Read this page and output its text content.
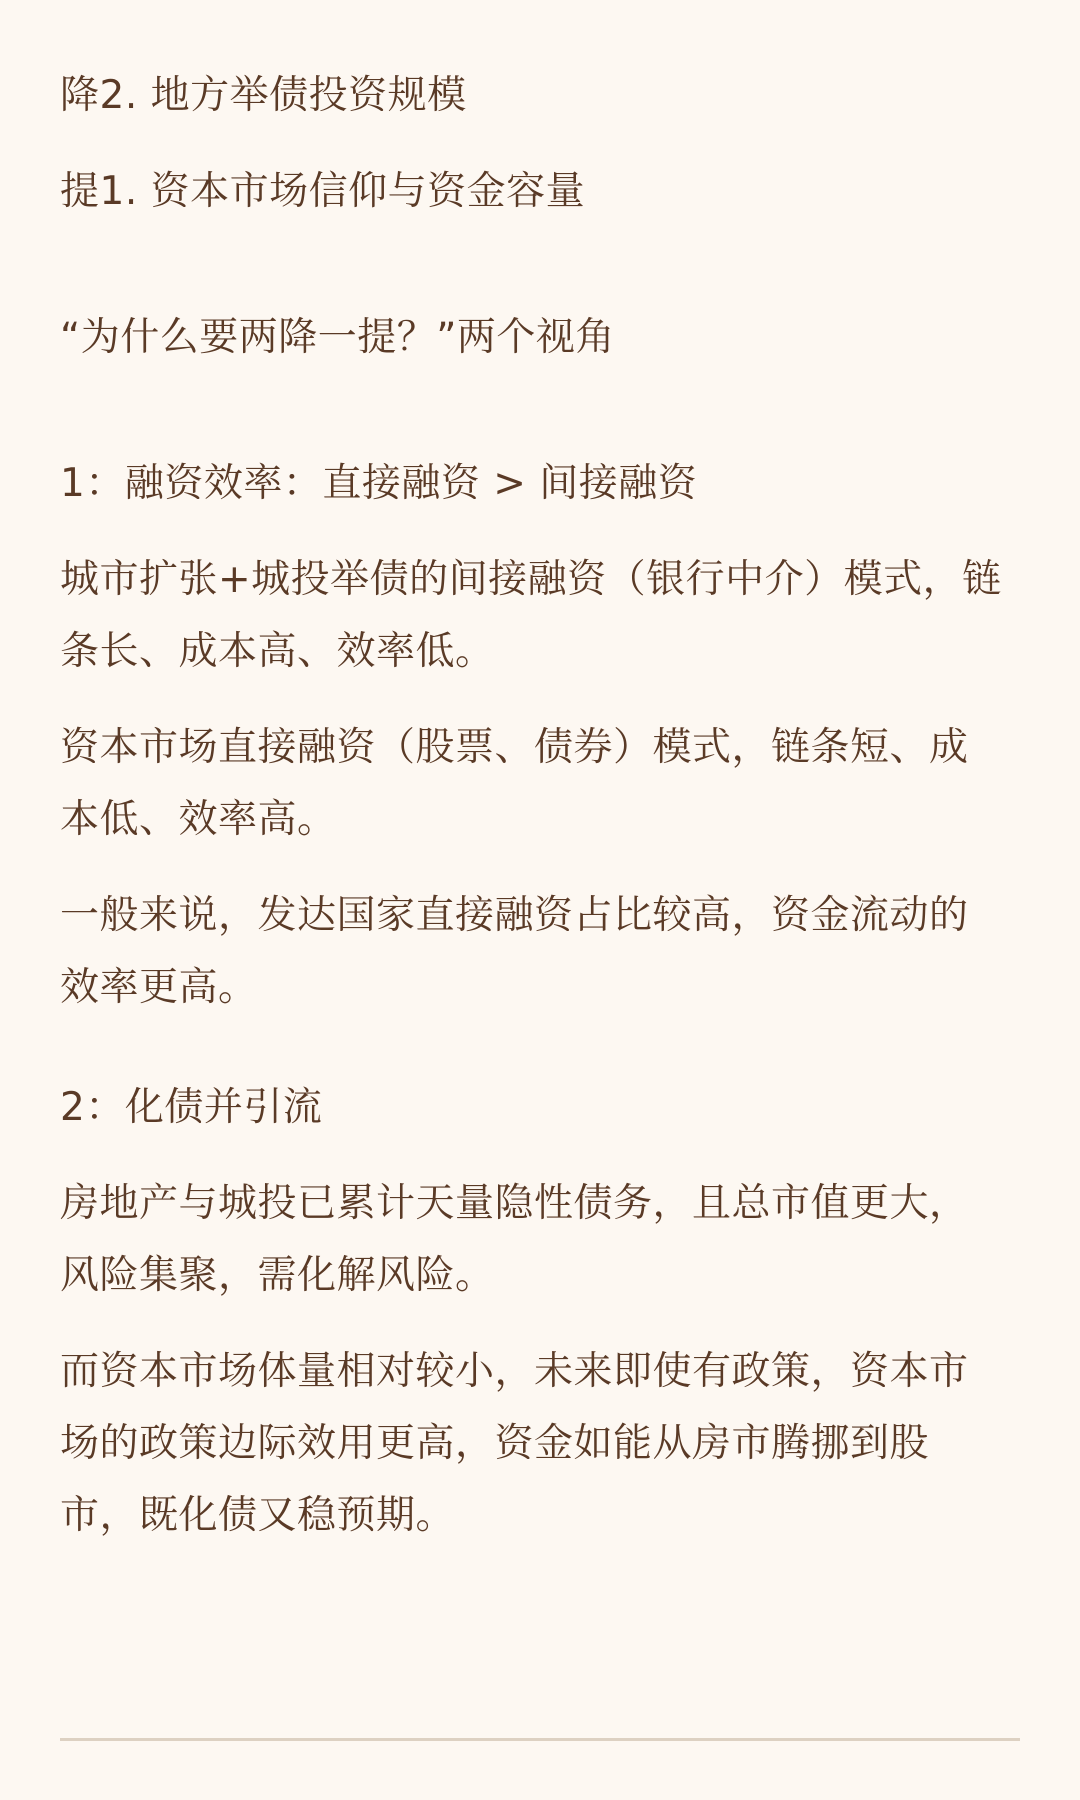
降2. 地方举债投资规模

提1. 资本市场信仰与资金容量

“为什么要两降一提？”两个视角

1：融资效率：直接融资 > 间接融资

城市扩张+城投举债的间接融资（银行中介）模式，链

条长、成本高、效率低。

资本市场直接融资（股票、债券）模式，链条短、成

本低、效率高。

一般来说，发达国家直接融资占比较高，资金流动的

效率更高。

2：化债并引流

房地产与城投已累计天量隐性债务，且总市值更大，

风险集聚，需化解风险。

而资本市场体量相对较小，未来即使有政策，资本市

场的政策边际效用更高，资金如能从房市腾挪到股

市，既化债又稳预期。
